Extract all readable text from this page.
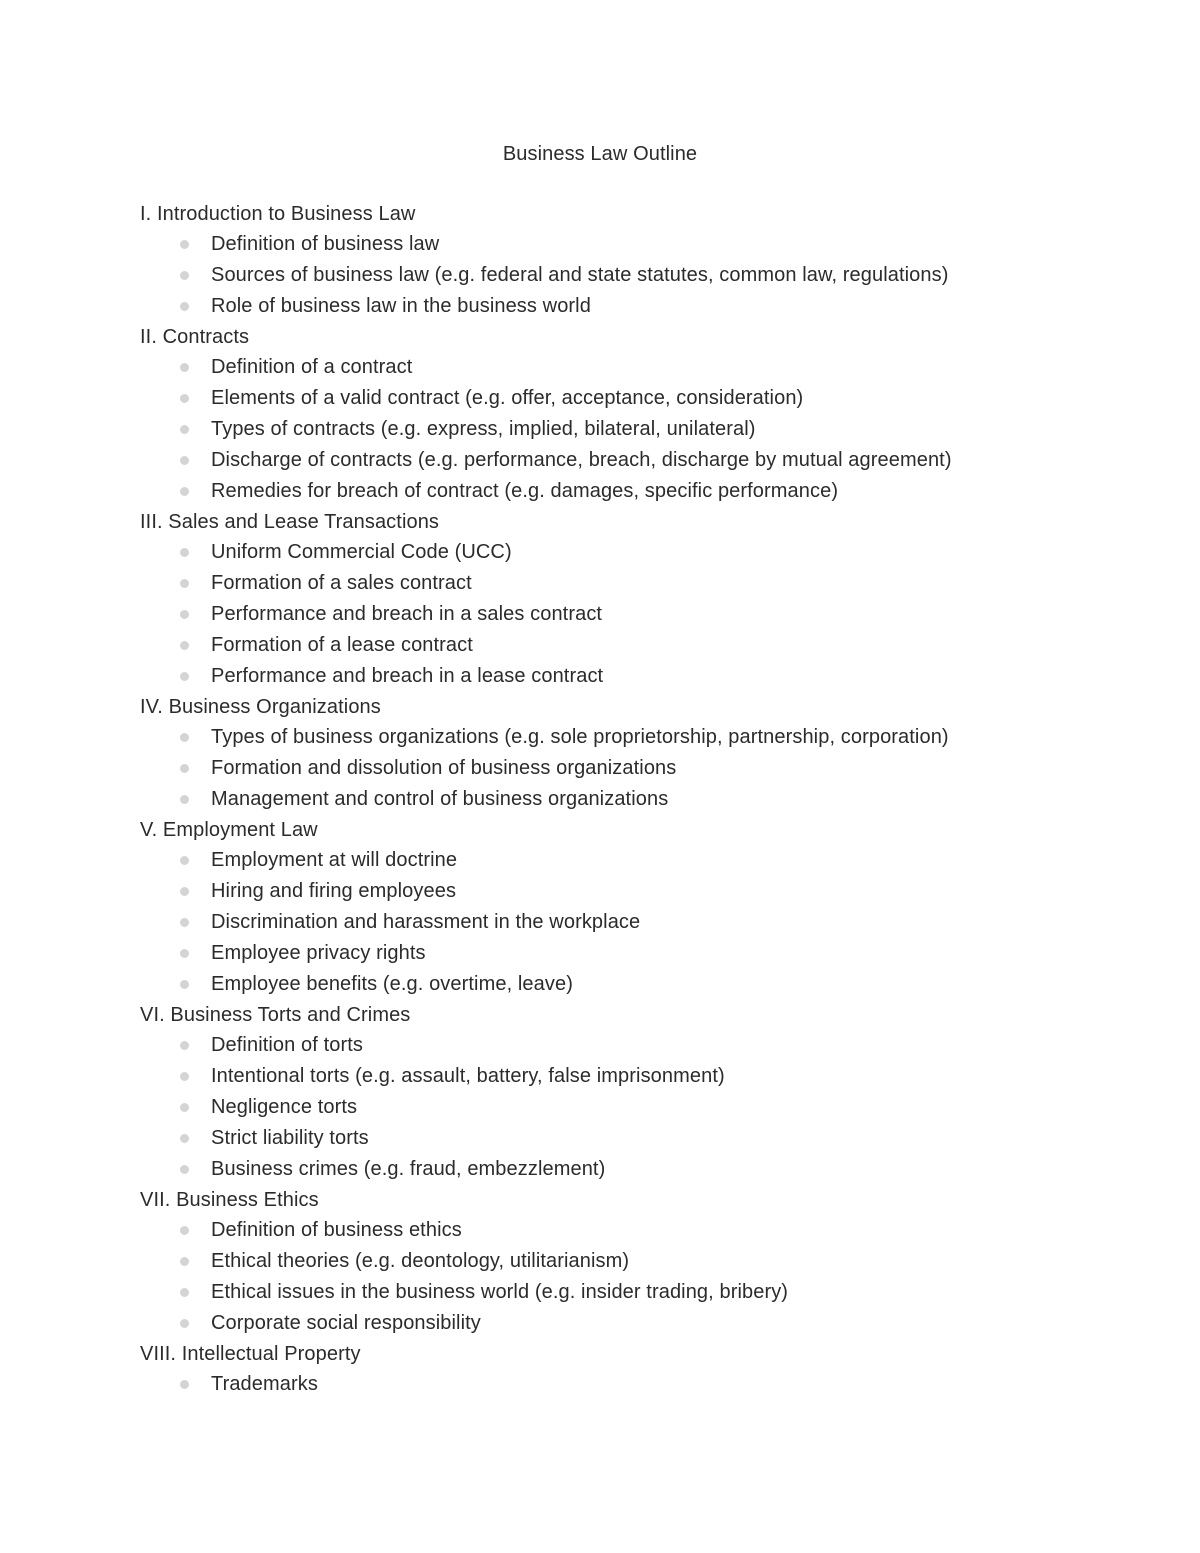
Business Law Outline
I. Introduction to Business Law
Definition of business law
Sources of business law (e.g. federal and state statutes, common law, regulations)
Role of business law in the business world
II. Contracts
Definition of a contract
Elements of a valid contract (e.g. offer, acceptance, consideration)
Types of contracts (e.g. express, implied, bilateral, unilateral)
Discharge of contracts (e.g. performance, breach, discharge by mutual agreement)
Remedies for breach of contract (e.g. damages, specific performance)
III. Sales and Lease Transactions
Uniform Commercial Code (UCC)
Formation of a sales contract
Performance and breach in a sales contract
Formation of a lease contract
Performance and breach in a lease contract
IV. Business Organizations
Types of business organizations (e.g. sole proprietorship, partnership, corporation)
Formation and dissolution of business organizations
Management and control of business organizations
V. Employment Law
Employment at will doctrine
Hiring and firing employees
Discrimination and harassment in the workplace
Employee privacy rights
Employee benefits (e.g. overtime, leave)
VI. Business Torts and Crimes
Definition of torts
Intentional torts (e.g. assault, battery, false imprisonment)
Negligence torts
Strict liability torts
Business crimes (e.g. fraud, embezzlement)
VII. Business Ethics
Definition of business ethics
Ethical theories (e.g. deontology, utilitarianism)
Ethical issues in the business world (e.g. insider trading, bribery)
Corporate social responsibility
VIII. Intellectual Property
Trademarks
